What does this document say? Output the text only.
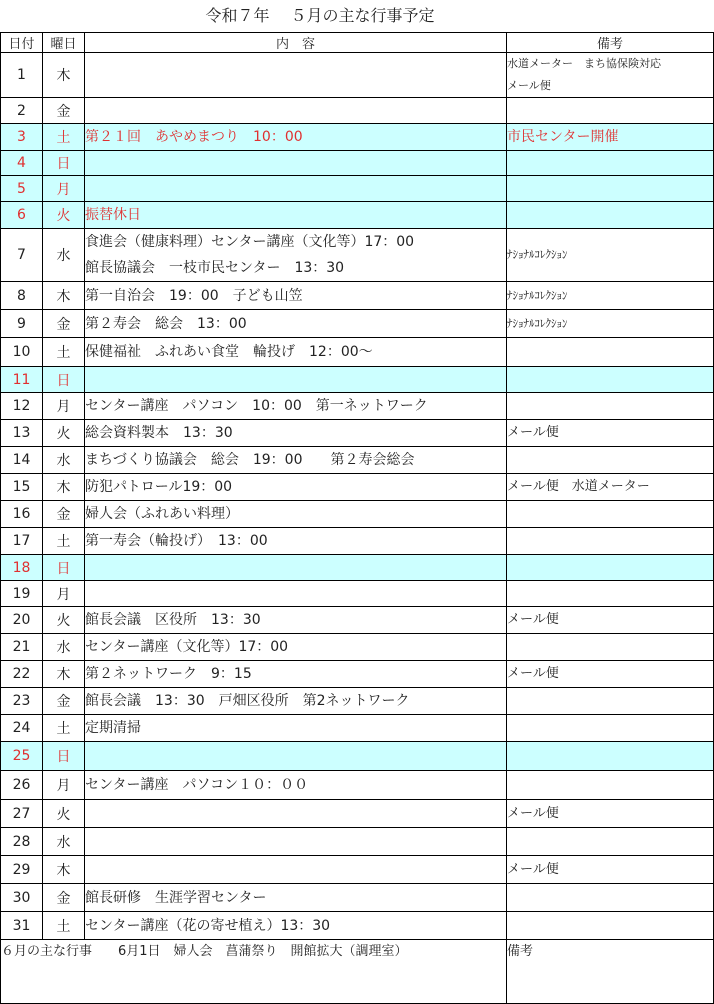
令和７年　 ５月の主な行事予定
日付	曜日	内　容	備考
1	木		水道メーター　まち協保険対応
メール便

2	金		
3	土	第２１回　あやめまつり　10：00	市民センター開催

4	日		
5	月		
6	火	振替休日	

7	水	食進会（健康料理）センター講座（文化等）17：00
館長協議会　一枝市民センター　13：30	ﾅｼｮﾅﾙｺﾚｸｼｮﾝ

8	木	第一自治会　19：00　子ども山笠	ﾅｼｮﾅﾙｺﾚｸｼｮﾝ

9	金	第２寿会　総会　13：00	ﾅｼｮﾅﾙｺﾚｸｼｮﾝ

10	土	保健福祉　ふれあい食堂　輪投げ　12：00～	

11	日		
12	月	センター講座　パソコン　10：00　第一ネットワーク	

13	火	総会資料製本　13：30	メール便

14	水	まちづくり協議会　総会　19：00　　第２寿会総会	

15	木	防犯パトロール19：00	メール便　水道メーター

16	金	婦人会（ふれあい料理）	

17	土	第一寿会（輪投げ）　13：00	

18	日		
19	月		
20	火	館長会議　区役所　13：30	メール便

21	水	センター講座（文化等）17：00	

22	木	第２ネットワーク　9：15	メール便

23	金	館長会議　13：30　戸畑区役所　第2ネットワーク	

24	土	定期清掃	

25	日		
26	月	センター講座　パソコン１０：００	

27	火		メール便

28	水		
29	木		メール便

30	金	館長研修　生涯学習センター	

31	土	センター講座（花の寄せ植え）13：30	

６月の主な行事　　6月1日　婦人会　菖蒲祭り　開館拡大（調理室）			備考
